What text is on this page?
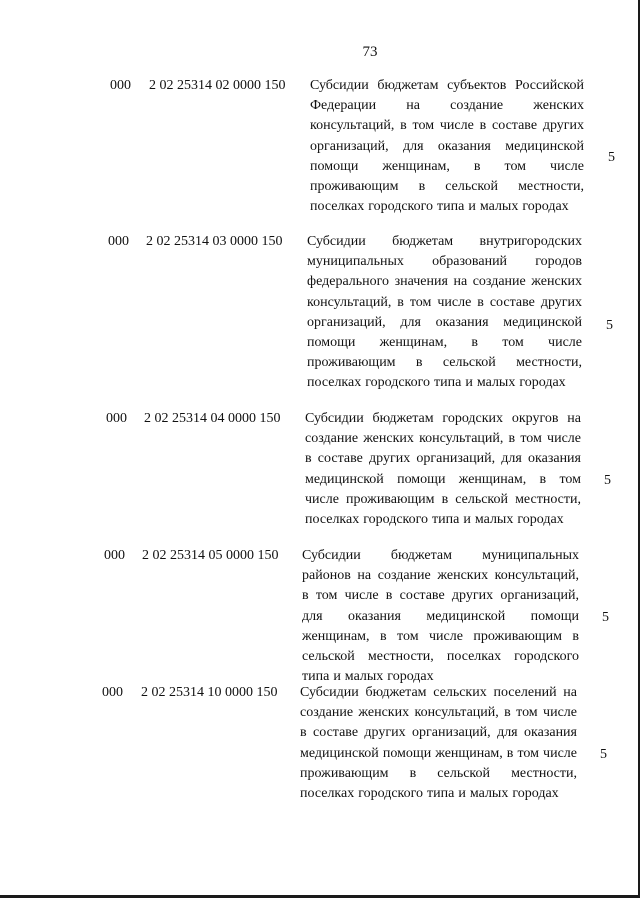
73
000 2 02 25314 02 0000 150 Субсидии бюджетам субъектов Российской Федерации на создание женских консультаций, в том числе в составе других организаций, для оказания медицинской помощи женщинам, в том числе проживающим в сельской местности, поселках городского типа и малых городах
5
000 2 02 25314 03 0000 150 Субсидии бюджетам внутригородских муниципальных образований городов федерального значения на создание женских консультаций, в том числе в составе других организаций, для оказания медицинской помощи женщинам, в том числе проживающим в сельской местности, поселках городского типа и малых городах
5
000 2 02 25314 04 0000 150 Субсидии бюджетам городских округов на создание женских консультаций, в том числе в составе других организаций, для оказания медицинской помощи женщинам, в том числе проживающим в сельской местности, поселках городского типа и малых городах
5
000 2 02 25314 05 0000 150 Субсидии бюджетам муниципальных районов на создание женских консультаций, в том числе в составе других организаций, для оказания медицинской помощи женщинам, в том числе проживающим в сельской местности, поселках городского типа и малых городах
5
000 2 02 25314 10 0000 150 Субсидии бюджетам сельских поселений на создание женских консультаций, в том числе в составе других организаций, для оказания медицинской помощи женщинам, в том числе проживающим в сельской местности, поселках городского типа и малых городах
5
